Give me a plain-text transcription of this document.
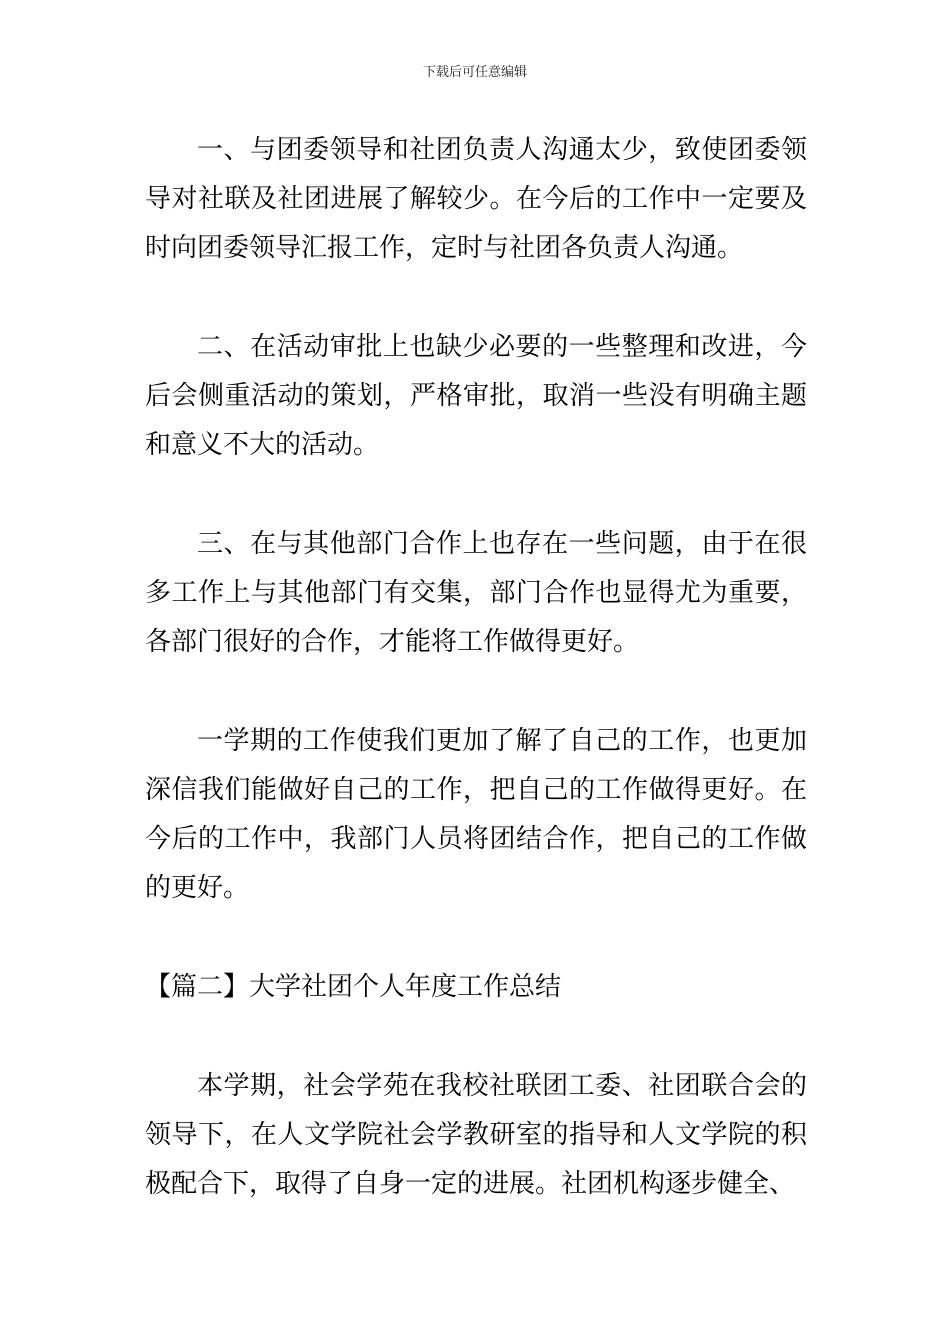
下载后可任意编辑

一、与团委领导和社团负责人沟通太少，致使团委领导对社联及社团进展了解较少。在今后的工作中一定要及时向团委领导汇报工作，定时与社团各负责人沟通。

二、在活动审批上也缺少必要的一些整理和改进，今后会侧重活动的策划，严格审批，取消一些没有明确主题和意义不大的活动。

三、在与其他部门合作上也存在一些问题，由于在很多工作上与其他部门有交集，部门合作也显得尤为重要，各部门很好的合作，才能将工作做得更好。

一学期的工作使我们更加了解了自己的工作，也更加深信我们能做好自己的工作，把自己的工作做得更好。在今后的工作中，我部门人员将团结合作，把自己的工作做的更好。

【篇二】大学社团个人年度工作总结

本学期，社会学苑在我校社联团工委、社团联合会的领导下，在人文学院社会学教研室的指导和人文学院的积极配合下，取得了自身一定的进展。社团机构逐步健全、
